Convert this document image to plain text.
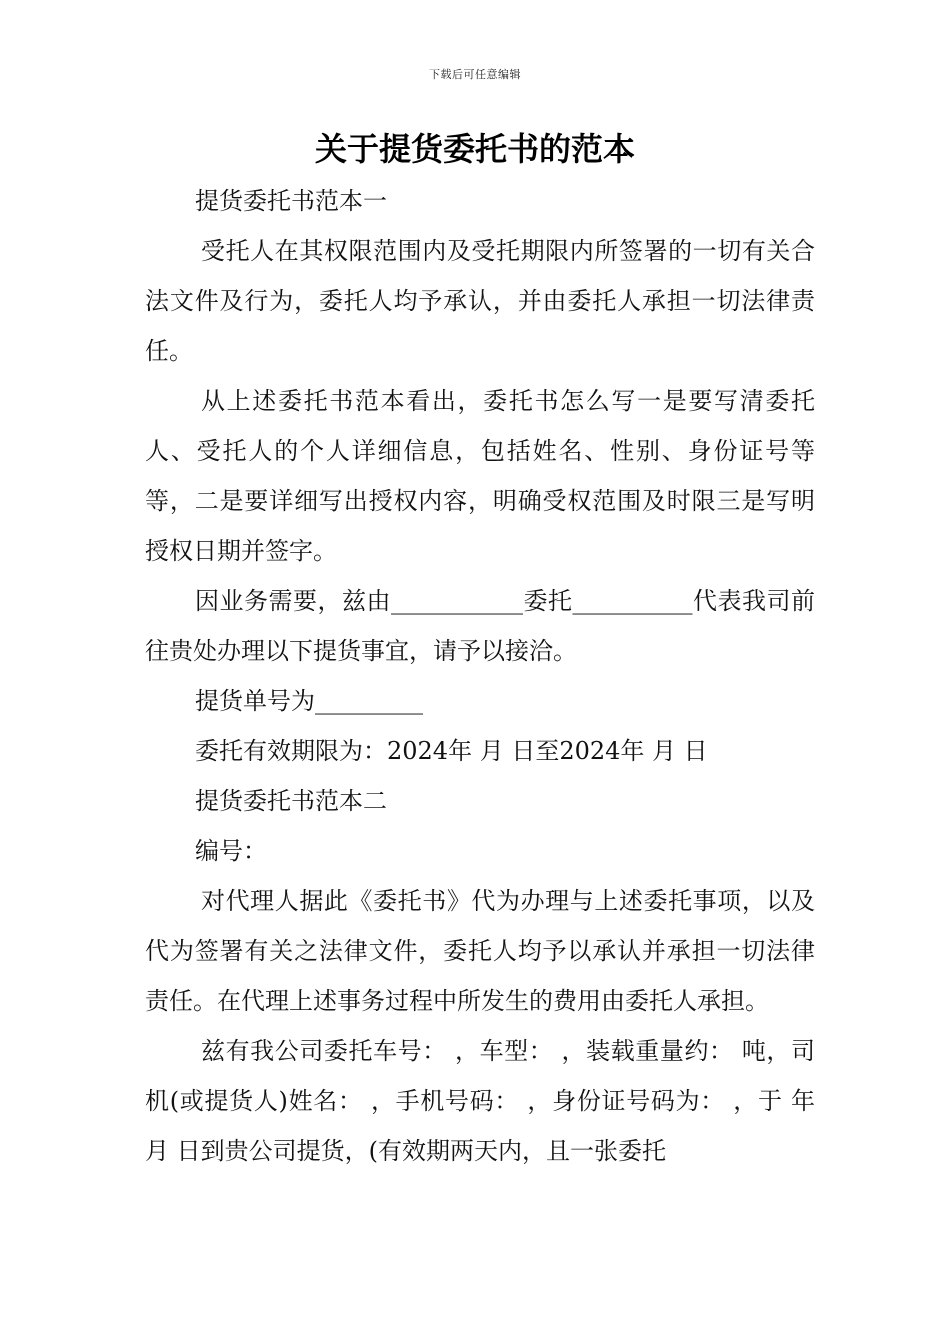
下载后可任意编辑
关于提货委托书的范本

提货委托书范本一

受托人在其权限范围内及受托期限内所签署的一切有关合法文件及行为，委托人均予承认，并由委托人承担一切法律责任。

从上述委托书范本看出，委托书怎么写一是要写清委托人、受托人的个人详细信息，包括姓名、性别、身份证号等等，二是要详细写出授权内容，明确受权范围及时限三是写明授权日期并签字。

因业务需要，兹由___________委托__________代表我司前往贵处办理以下提货事宜，请予以接洽。

提货单号为_________

委托有效期限为：2024年 月 日至2024年 月 日

提货委托书范本二

编号：

对代理人据此《委托书》代为办理与上述委托事项，以及代为签署有关之法律文件，委托人均予以承认并承担一切法律责任。在代理上述事务过程中所发生的费用由委托人承担。

兹有我公司委托车号： ，车型： ，装载重量约： 吨，司机(或提货人)姓名： ，手机号码： ，身份证号码为： ，于 年 月 日到贵公司提货，(有效期两天内，且一张委托
